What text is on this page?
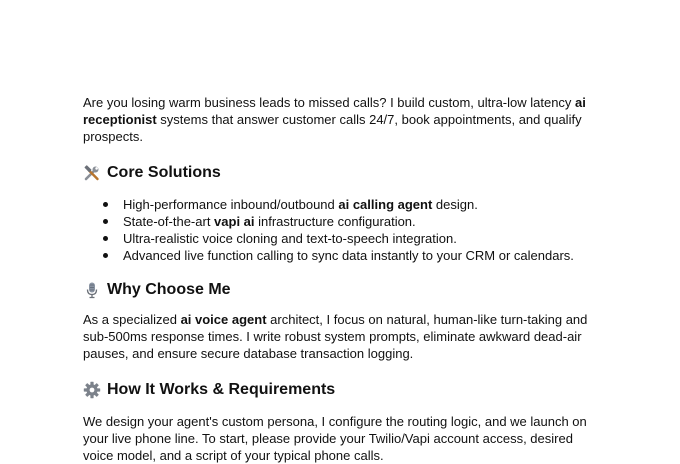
Are you losing warm business leads to missed calls? I build custom, ultra-low latency ai receptionist systems that answer customer calls 24/7, book appointments, and qualify prospects.

Core Solutions
High-performance inbound/outbound ai calling agent design.
State-of-the-art vapi ai infrastructure configuration.
Ultra-realistic voice cloning and text-to-speech integration.
Advanced live function calling to sync data instantly to your CRM or calendars.
Why Choose Me

As a specialized ai voice agent architect, I focus on natural, human-like turn-taking and sub-500ms response times. I write robust system prompts, eliminate awkward dead-air pauses, and ensure secure database transaction logging.

How It Works & Requirements

We design your agent's custom persona, I configure the routing logic, and we launch on your live phone line. To start, please provide your Twilio/Vapi account access, desired voice model, and a script of your typical phone calls.
